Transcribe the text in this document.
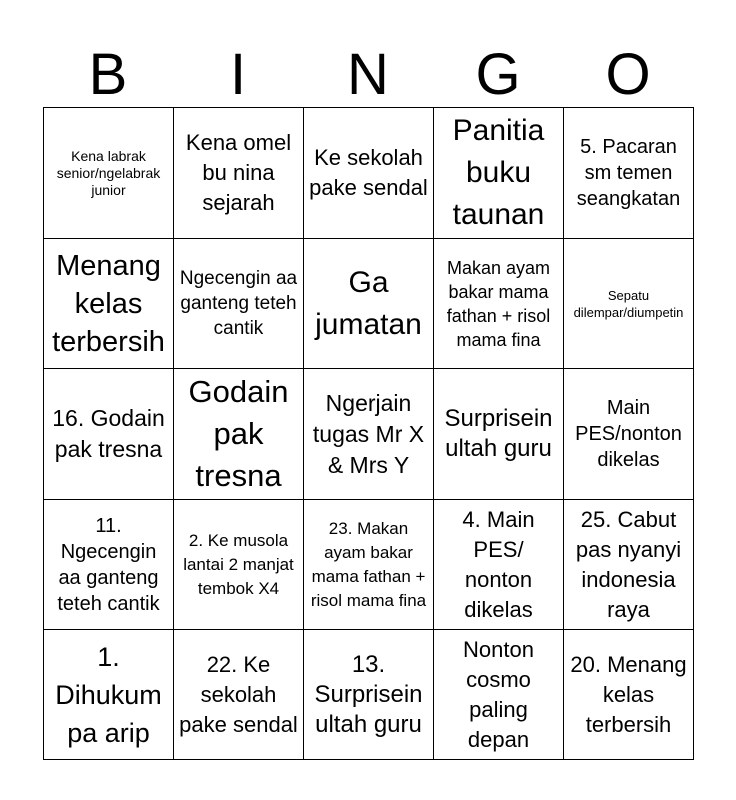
B	I	N	G	O
Kena labrak senior/ngelabrak junior	Kena omel bu nina sejarah	Ke sekolah pake sendal	Panitia buku taunan	5. Pacaran sm temen seangkatan
Menang kelas terbersih	Ngecengin aa ganteng teteh cantik	Ga jumatan	Makan ayam bakar mama fathan + risol mama fina	Sepatu dilempar/diumpetin
16. Godain pak tresna	Godain pak tresna	Ngerjain tugas Mr X & Mrs Y	Surprisein ultah guru	Main PES/nonton dikelas
11. Ngecengin aa ganteng teteh cantik	2. Ke musola lantai 2 manjat tembok X4	23. Makan ayam bakar mama fathan + risol mama fina	4. Main PES/ nonton dikelas	25. Cabut pas nyanyi indonesia raya
1. Dihukum pa arip	22. Ke sekolah pake sendal	13. Surprisein ultah guru	Nonton cosmo paling depan	20. Menang kelas terbersih
